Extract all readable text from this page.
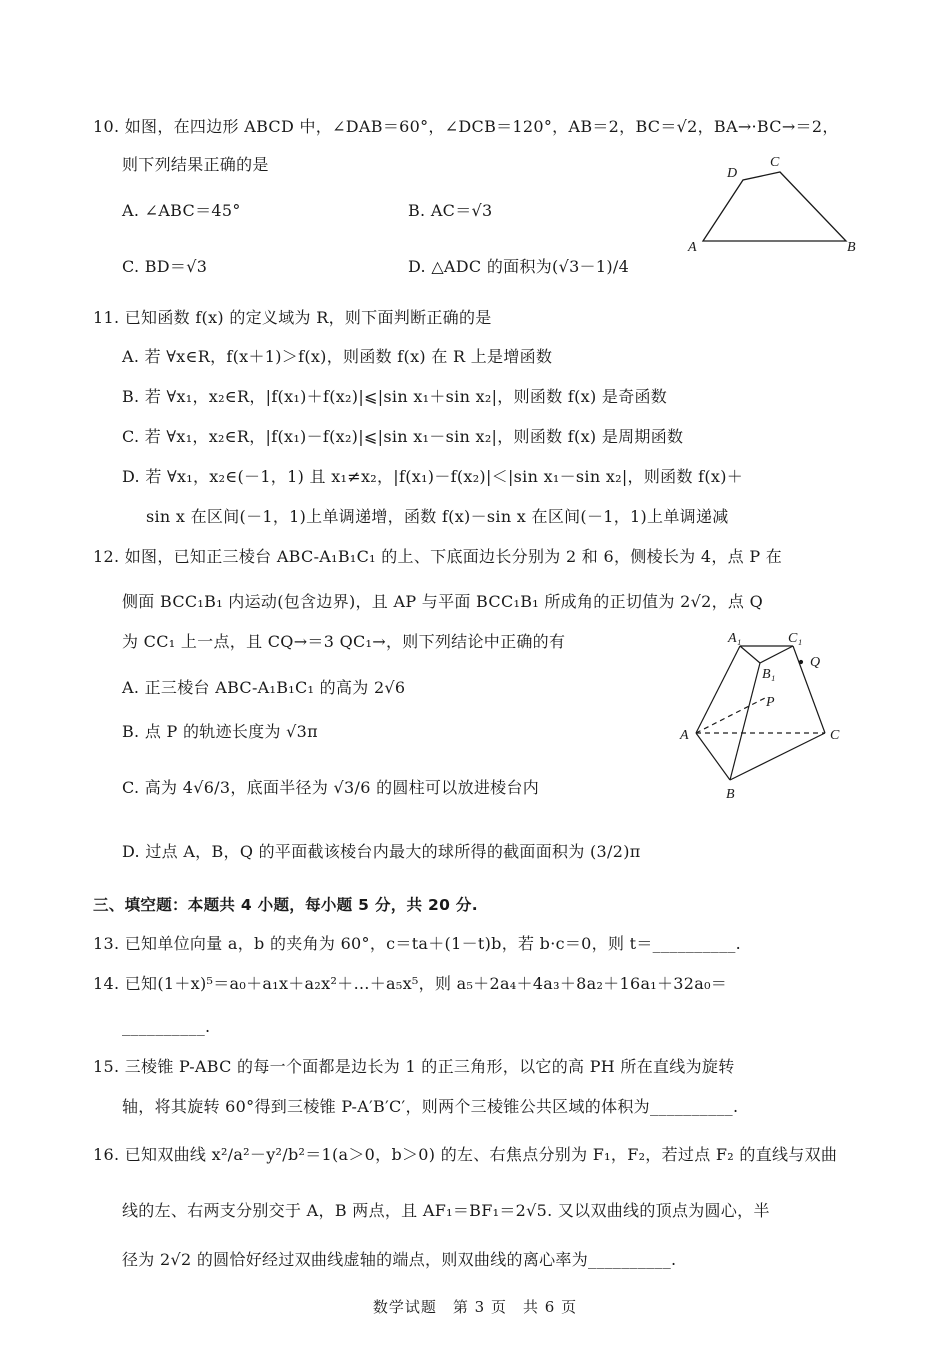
10. 如图，在四边形 ABCD 中，∠DAB＝60°，∠DCB＝120°，AB＝2，BC＝√2，BA→·BC→＝2，
则下列结果正确的是
A. ∠ABC＝45°	B. AC＝√3
C. BD＝√3	D. △ADC 的面积为(√3－1)/4
A	B
C
D
11. 已知函数 f(x) 的定义域为 R，则下面判断正确的是
A. 若 ∀x∈R，f(x＋1)＞f(x)，则函数 f(x) 在 R 上是增函数
B. 若 ∀x₁，x₂∈R，|f(x₁)＋f(x₂)|⩽|sin x₁＋sin x₂|，则函数 f(x) 是奇函数
C. 若 ∀x₁，x₂∈R，|f(x₁)－f(x₂)|⩽|sin x₁－sin x₂|，则函数 f(x) 是周期函数
D. 若 ∀x₁，x₂∈(－1，1) 且 x₁≠x₂，|f(x₁)－f(x₂)|＜|sin x₁－sin x₂|，则函数 f(x)＋
sin x 在区间(－1，1)上单调递增，函数 f(x)－sin x 在区间(－1，1)上单调递减
12. 如图，已知正三棱台 ABC-A₁B₁C₁ 的上、下底面边长分别为 2 和 6，侧棱长为 4，点 P 在
侧面 BCC₁B₁ 内运动(包含边界)，且 AP 与平面 BCC₁B₁ 所成角的正切值为 2√2，点 Q
为 CC₁ 上一点，且 CQ→＝3 QC₁→，则下列结论中正确的有
A. 正三棱台 ABC-A₁B₁C₁ 的高为 2√6
B. 点 P 的轨迹长度为 √3π
C. 高为 4√6/3，底面半径为 √3/6 的圆柱可以放进棱台内
D. 过点 A，B，Q 的平面截该棱台内最大的球所得的截面面积为 (3/2)π
A₁	C₁
B₁
Q
P
A	C
B
三、填空题：本题共 4 小题，每小题 5 分，共 20 分.
13. 已知单位向量 a，b 的夹角为 60°，c＝ta＋(1－t)b，若 b·c＝0，则 t＝__________.
14. 已知(1＋x)⁵＝a₀＋a₁x＋a₂x²＋…＋a₅x⁵，则 a₅＋2a₄＋4a₃＋8a₂＋16a₁＋32a₀＝
__________.
15. 三棱锥 P-ABC 的每一个面都是边长为 1 的正三角形，以它的高 PH 所在直线为旋转
轴，将其旋转 60°得到三棱锥 P-A′B′C′，则两个三棱锥公共区域的体积为__________.
16. 已知双曲线 x²/a²－y²/b²＝1(a＞0，b＞0) 的左、右焦点分别为 F₁，F₂，若过点 F₂ 的直线与双曲
线的左、右两支分别交于 A，B 两点，且 AF₁＝BF₁＝2√5. 又以双曲线的顶点为圆心，半
径为 2√2 的圆恰好经过双曲线虚轴的端点，则双曲线的离心率为__________.
数学试题　第 3 页　共 6 页
